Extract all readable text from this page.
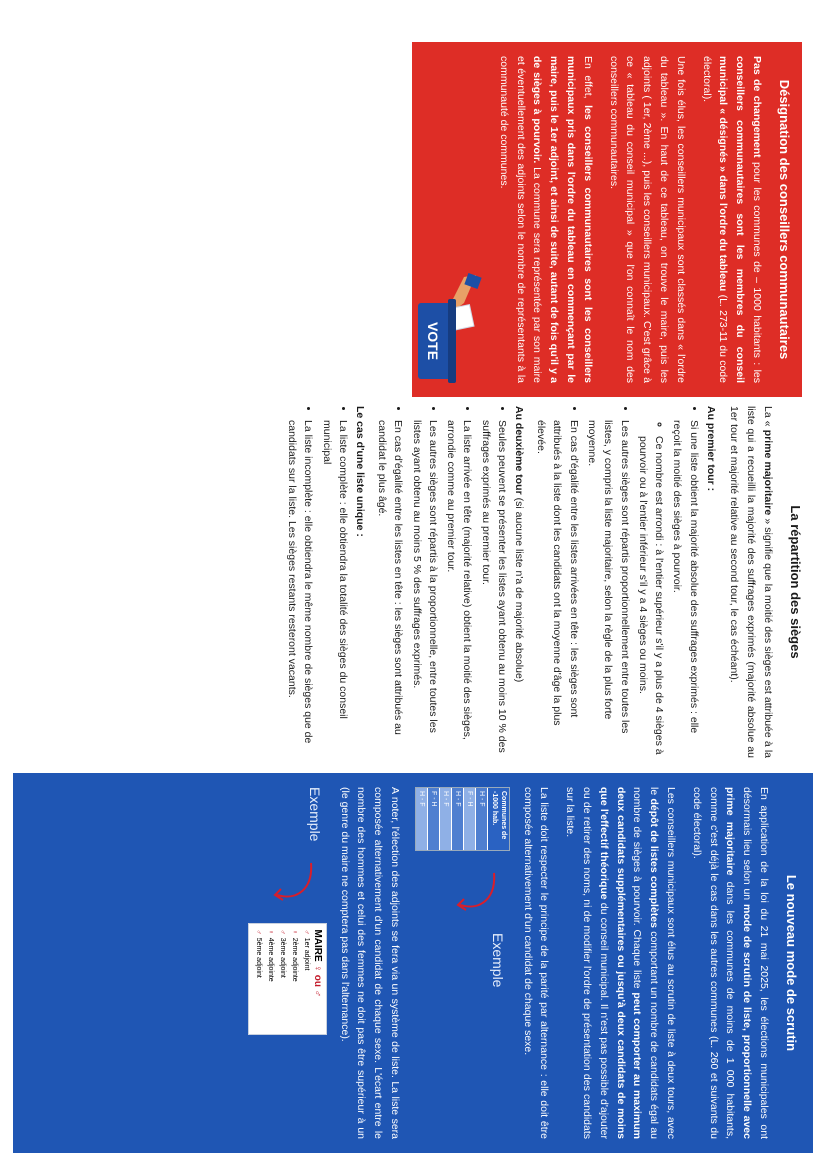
Le nouveau mode de scrutin

En application de la loi du 21 mai 2025, les élections municipales ont désormais lieu selon un mode de scrutin de liste, proportionnelle avec prime majoritaire dans les communes de moins de 1 000 habitants, comme c'est déjà le cas dans les autres communes (L. 260 et suivants du code électoral).

Les conseillers municipaux sont élus au scrutin de liste à deux tours, avec le dépôt de listes complètes comportant un nombre de candidats égal au nombre de sièges à pourvoir. Chaque liste peut comporter au maximum deux candidats supplémentaires ou jusqu'à deux candidats de moins que l'effectif théorique du conseil municipal. Il n'est pas possible d'ajouter ou de retirer des noms, ni de modifier l'ordre de présentation des candidats sur la liste.

La liste doit respecter le principe de la parité par alternance : elle doit être composée alternativement d'un candidat de chaque sexe.

Communes de -1000 hab.
H - F
F - H
H - F
H - F
F - H
H - F
Exemple

A noter, l'élection des adjoints se fera via un système de liste. La liste sera composée alternativement d'un candidat de chaque sexe. L'écart entre le nombre des hommes et celui des femmes ne doit pas être supérieur à un (le genre du maire ne comptera pas dans l'alternance).

Exemple
MAIRE ♀ ou ♂
♂1er adjoint
♀2ème adjointe
♂3ème adjoint
♀4ème adjointe
♂5ème adjoint
La répartition des sièges

La « prime majoritaire » signifie que la moitié des sièges est attribuée à la liste qui a recueilli la majorité des suffrages exprimés (majorité absolue au 1er tour et majorité relative au second tour, le cas échéant).

Au premier tour :
• Si une liste obtient la majorité absolue des suffrages exprimés : elle reçoit la moitié des sièges à pourvoir.
◦ Ce nombre est arrondi : à l'entier supérieur s'il y a plus de 4 sièges à pourvoir ou à l'entier inférieur s'il y a 4 sièges ou moins.
• Les autres sièges sont répartis proportionnellement entre toutes les listes, y compris la liste majoritaire, selon la règle de la plus forte moyenne.
• En cas d'égalité entre les listes arrivées en tête : les sièges sont attribués à la liste dont les candidats ont la moyenne d'âge la plus élevée.
Au deuxième tour (si aucune liste n'a de majorité absolue)
• Seules peuvent se présenter les listes ayant obtenu au moins 10 % des suffrages exprimés au premier tour.
• La liste arrivée en tête (majorité relative) obtient la moitié des sièges, arrondie comme au premier tour.
• Les autres sièges sont répartis à la proportionnelle, entre toutes les listes ayant obtenu au moins 5 % des suffrages exprimés.
• En cas d'égalité entre les listes en tête : les sièges sont attribués au candidat le plus âgé.
Le cas d'une liste unique :
• La liste complète : elle obtiendra la totalité des sièges du conseil municipal
• La liste incomplète : elle obtiendra le même nombre de sièges que de candidats sur la liste. Les sièges restants resteront vacants.
Désignation des conseillers communautaires

Pas de changement pour les communes de – 1000 habitants : les conseillers communautaires sont les membres du conseil municipal « désignés » dans l'ordre du tableau (L. 273-11 du code électoral).

Une fois élus, les conseillers municipaux sont classés dans « l'ordre du tableau ». En haut de ce tableau, on trouve le maire, puis les adjoints ( 1er, 2ème ...), puis les conseillers municipaux. C'est grâce à ce « tableau du conseil municipal » que l'on connaît le nom des conseillers communautaires.

En effet, les conseillers communautaires sont les conseillers municipaux pris dans l'ordre du tableau en commençant par le maire, puis le 1er adjoint, et ainsi de suite, autant de fois qu'il y a de sièges à pourvoir. La commune sera représentée par son maire et éventuellement des adjoints selon le nombre de représentants à la communauté de communes.

VOTE

Si la commune ne dispose que d'un seul siège au conseil communautaire, un conseiller communautaire suppléant est désigné : c'est le deuxième membre du conseil municipal dans l'ordre du tableau (soit le 1er Adjoint).

Le suppléant remplacera le conseiller communautaire titulaire en cas d'absence.
